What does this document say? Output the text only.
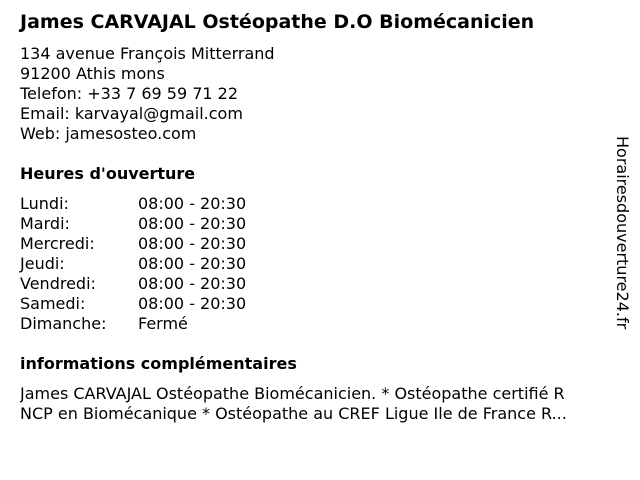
James CARVAJAL Ostéopathe D.O Biomécanicien
134 avenue François Mitterrand
91200 Athis mons
Telefon: +33 7 69 59 71 22
Email: karvayal@gmail.com
Web: jamesosteo.com
Heures d'ouverture
Lundi:	08:00 - 20:30
Mardi:	08:00 - 20:30
Mercredi:	08:00 - 20:30
Jeudi:	08:00 - 20:30
Vendredi:	08:00 - 20:30
Samedi:	08:00 - 20:30
Dimanche:	Fermé
informations complémentaires
James CARVAJAL Ostéopathe Biomécanicien. * Ostéopathe certifié R
NCP en Biomécanique * Ostéopathe au CREF Ligue Ile de France R...
Horairesdouverture24.fr
